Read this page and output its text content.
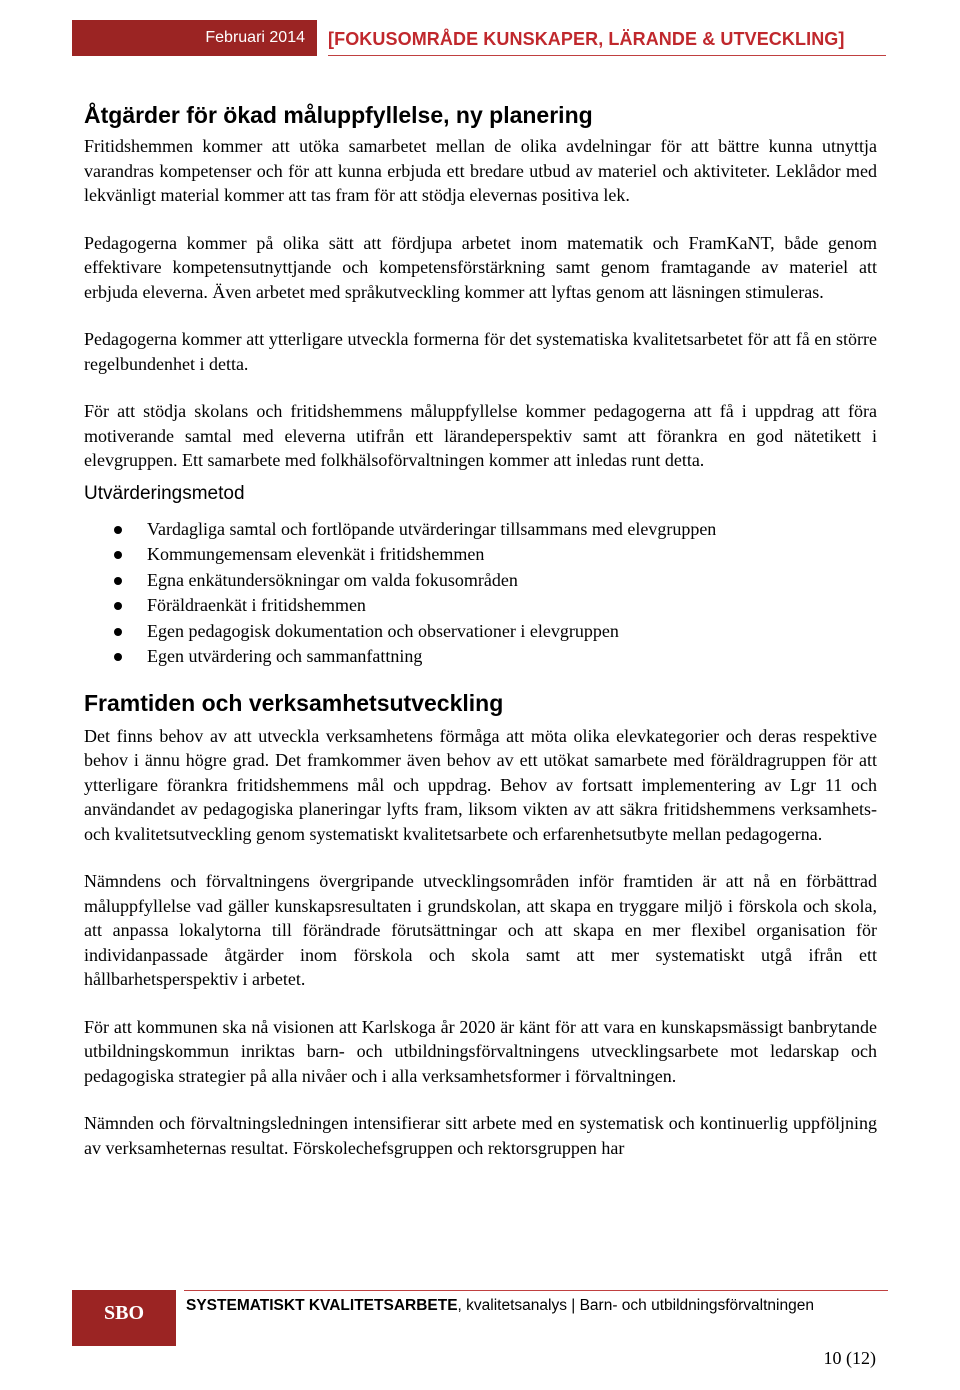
Februari 2014	[FOKUSOMRÅDE KUNSKAPER, LÄRANDE & UTVECKLING]
Åtgärder för ökad måluppfyllelse, ny planering

Fritidshemmen kommer att utöka samarbetet mellan de olika avdelningar för att bättre kunna utnyttja varandras kompetenser och för att kunna erbjuda ett bredare utbud av materiel och aktiviteter. Leklådor med lekvänligt material kommer att tas fram för att stödja elevernas positiva lek.

Pedagogerna kommer på olika sätt att fördjupa arbetet inom matematik och FramKaNT, både genom effektivare kompetensutnyttjande och kompetensförstärkning samt genom framtagande av materiel att erbjuda eleverna. Även arbetet med språkutveckling kommer att lyftas genom att läsningen stimuleras.

Pedagogerna kommer att ytterligare utveckla formerna för det systematiska kvalitetsarbetet för att få en större regelbundenhet i detta.

För att stödja skolans och fritidshemmens måluppfyllelse kommer pedagogerna att få i uppdrag att föra motiverande samtal med eleverna utifrån ett lärandeperspektiv samt att förankra en god nätetikett i elevgruppen. Ett samarbete med folkhälsoförvaltningen kommer att inledas runt detta.

Utvärderingsmetod
Vardagliga samtal och fortlöpande utvärderingar tillsammans med elevgruppen
Kommungemensam elevenkät i fritidshemmen
Egna enkätundersökningar om valda fokusområden
Föräldraenkät i fritidshemmen
Egen pedagogisk dokumentation och observationer i elevgruppen
Egen utvärdering och sammanfattning
Framtiden och verksamhetsutveckling

Det finns behov av att utveckla verksamhetens förmåga att möta olika elevkategorier och deras respektive behov i ännu högre grad. Det framkommer även behov av ett utökat samarbete med föräldragruppen för att ytterligare förankra fritidshemmens mål och uppdrag. Behov av fortsatt implementering av Lgr 11 och användandet av pedagogiska planeringar lyfts fram, liksom vikten av att säkra fritidshemmens verksamhets- och kvalitetsutveckling genom systematiskt kvalitetsarbete och erfarenhetsutbyte mellan pedagogerna.

Nämndens och förvaltningens övergripande utvecklingsområden inför framtiden är att nå en förbättrad måluppfyllelse vad gäller kunskapsresultaten i grundskolan, att skapa en tryggare miljö i förskola och skola, att anpassa lokalytorna till förändrade förutsättningar och att skapa en mer flexibel organisation för individanpassade åtgärder inom förskola och skola samt att mer systematiskt utgå ifrån ett hållbarhetsperspektiv i arbetet.

För att kommunen ska nå visionen att Karlskoga år 2020 är känt för att vara en kunskapsmässigt banbrytande utbildningskommun inriktas barn- och utbildningsförvaltningens utvecklingsarbete mot ledarskap och pedagogiska strategier på alla nivåer och i alla verksamhetsformer i förvaltningen.

Nämnden och förvaltningsledningen intensifierar sitt arbete med en systematisk och kontinuerlig uppföljning av verksamheternas resultat. Förskolechefsgruppen och rektorsgruppen har

SBO	SYSTEMATISKT KVALITETSARBETE, kvalitetsanalys | Barn- och utbildningsförvaltningen
10 (12)
